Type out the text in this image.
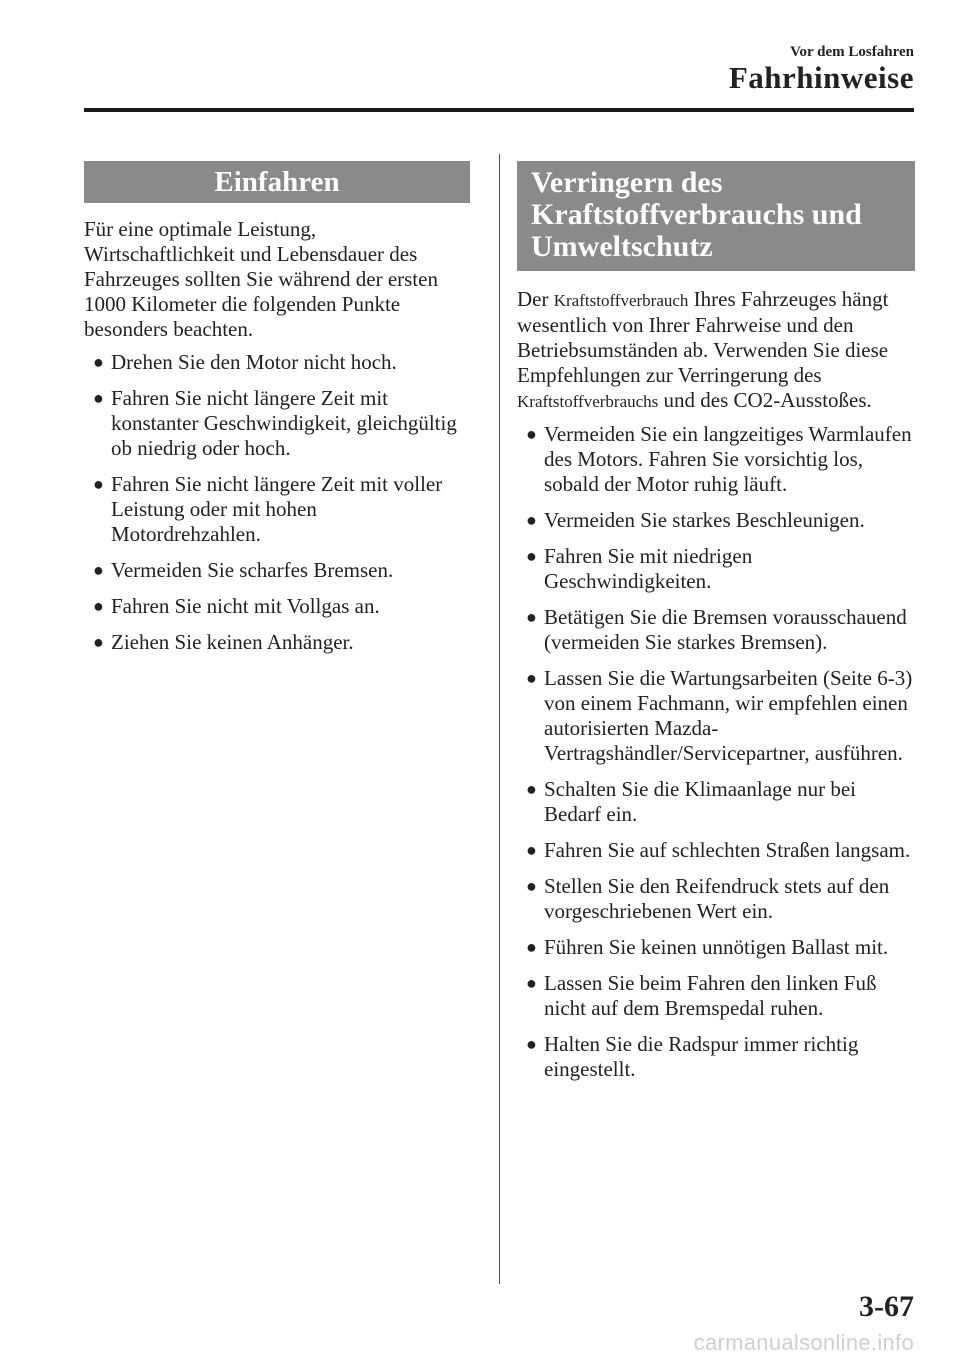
Vor dem Losfahren
Fahrhinweise
Einfahren
Für eine optimale Leistung, Wirtschaftlichkeit und Lebensdauer des Fahrzeuges sollten Sie während der ersten 1000 Kilometer die folgenden Punkte besonders beachten.
● Drehen Sie den Motor nicht hoch.
● Fahren Sie nicht längere Zeit mit konstanter Geschwindigkeit, gleichgültig ob niedrig oder hoch.
● Fahren Sie nicht längere Zeit mit voller Leistung oder mit hohen Motordrehzahlen.
● Vermeiden Sie scharfes Bremsen.
● Fahren Sie nicht mit Vollgas an.
● Ziehen Sie keinen Anhänger.
Verringern des
Kraftstoffverbrauchs und
Umweltschutz
Der Kraftstoffverbrauch Ihres Fahrzeuges hängt wesentlich von Ihrer Fahrweise und den Betriebsumständen ab. Verwenden Sie diese Empfehlungen zur Verringerung des Kraftstoffverbrauchs und des CO2-Ausstoßes.
● Vermeiden Sie ein langzeitiges Warmlaufen des Motors. Fahren Sie vorsichtig los, sobald der Motor ruhig läuft.
● Vermeiden Sie starkes Beschleunigen.
● Fahren Sie mit niedrigen Geschwindigkeiten.
● Betätigen Sie die Bremsen vorausschauend (vermeiden Sie starkes Bremsen).
● Lassen Sie die Wartungsarbeiten (Seite 6-3) von einem Fachmann, wir empfehlen einen autorisierten Mazda-Vertragshändler/Servicepartner, ausführen.
● Schalten Sie die Klimaanlage nur bei Bedarf ein.
● Fahren Sie auf schlechten Straßen langsam.
● Stellen Sie den Reifendruck stets auf den vorgeschriebenen Wert ein.
● Führen Sie keinen unnötigen Ballast mit.
● Lassen Sie beim Fahren den linken Fuß nicht auf dem Bremspedal ruhen.
● Halten Sie die Radspur immer richtig eingestellt.
3-67
carmanualsonline.info
